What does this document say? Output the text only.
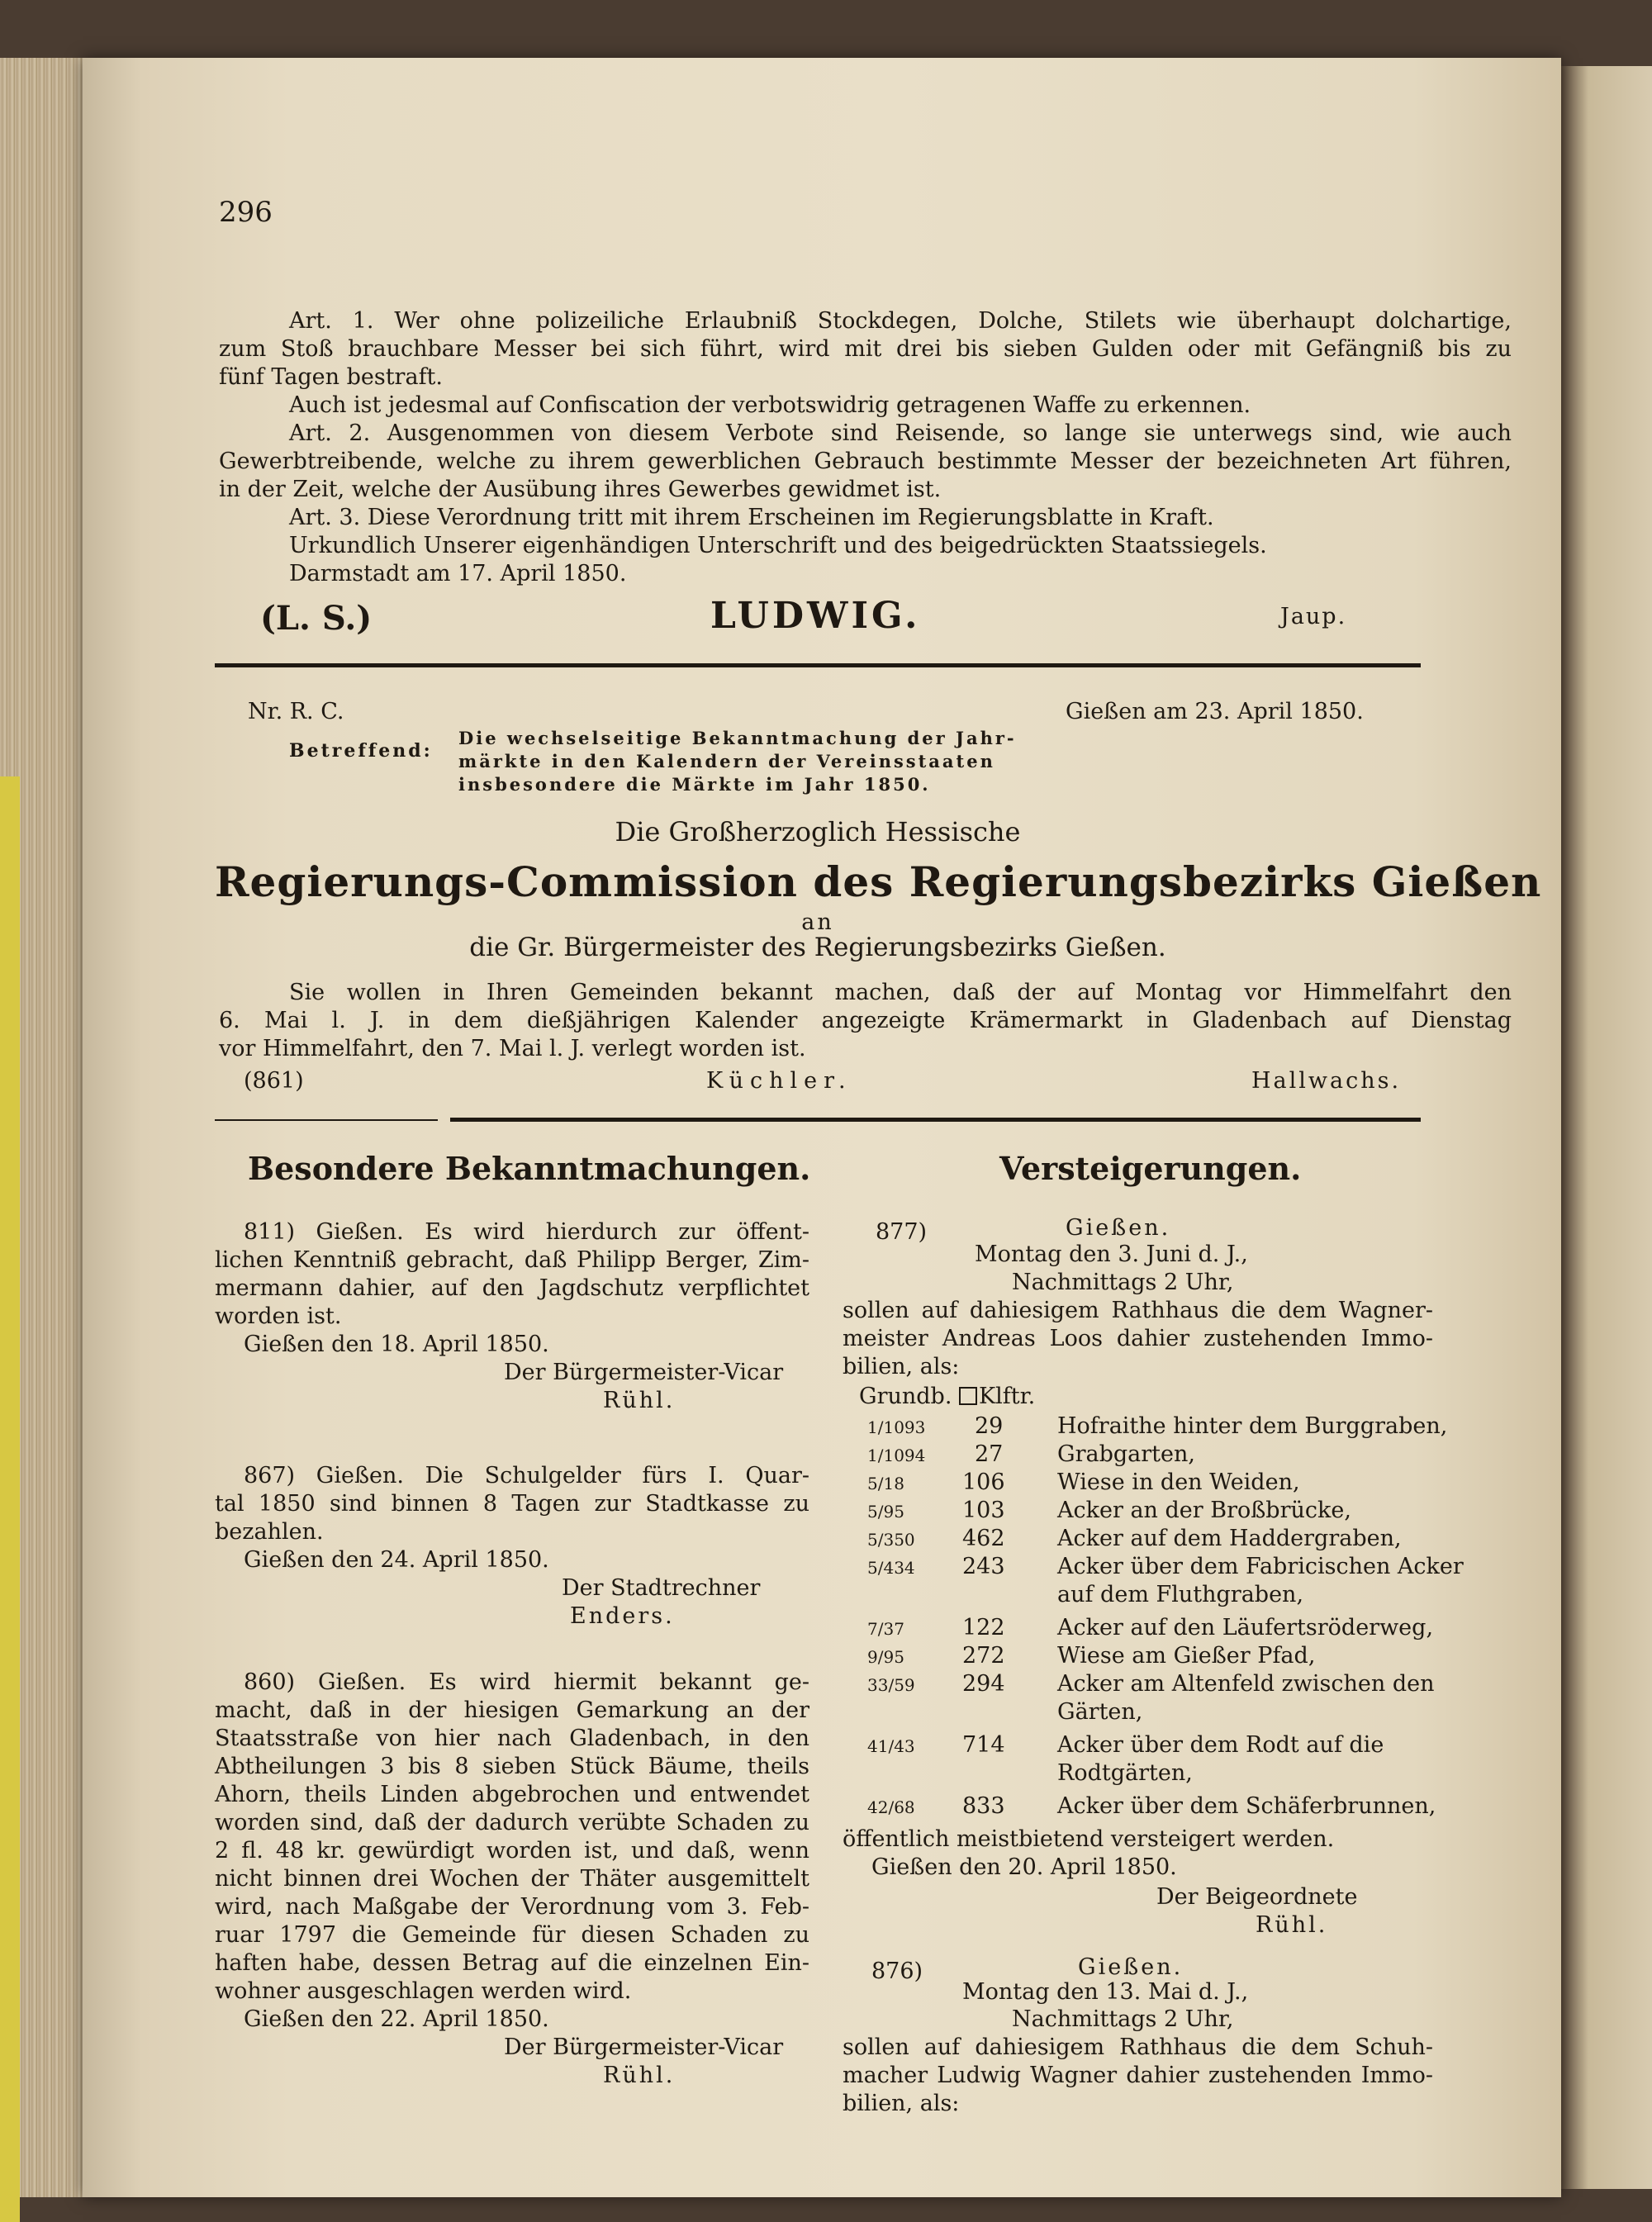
296
Art. 1. Wer ohne polizeiliche Erlaubniß Stockdegen, Dolche, Stilets wie überhaupt dolchartige,
zum Stoß brauchbare Messer bei sich führt, wird mit drei bis sieben Gulden oder mit Gefängniß bis zu
fünf Tagen bestraft.
Auch ist jedesmal auf Confiscation der verbotswidrig getragenen Waffe zu erkennen.
Art. 2. Ausgenommen von diesem Verbote sind Reisende, so lange sie unterwegs sind, wie auch
Gewerbtreibende, welche zu ihrem gewerblichen Gebrauch bestimmte Messer der bezeichneten Art führen,
in der Zeit, welche der Ausübung ihres Gewerbes gewidmet ist.
Art. 3. Diese Verordnung tritt mit ihrem Erscheinen im Regierungsblatte in Kraft.
Urkundlich Unserer eigenhändigen Unterschrift und des beigedrückten Staatssiegels.
Darmstadt am 17. April 1850.
(L. S.)	LUDWIG.	Jaup.
Nr. R. C.	Gießen am 23. April 1850.
Betreffend:
Die wechselseitige Bekanntmachung der Jahr-
märkte in den Kalendern der Vereinsstaaten
insbesondere die Märkte im Jahr 1850.
Die Großherzoglich Hessische
Regierungs-Commission des Regierungsbezirks Gießen
an
die Gr. Bürgermeister des Regierungsbezirks Gießen.
Sie wollen in Ihren Gemeinden bekannt machen, daß der auf Montag vor Himmelfahrt den
6. Mai l. J. in dem dießjährigen Kalender angezeigte Krämermarkt in Gladenbach auf Dienstag
vor Himmelfahrt, den 7. Mai l. J. verlegt worden ist.
(861)	Küchler.	Hallwachs.
Besondere Bekanntmachungen.
811) Gießen. Es wird hierdurch zur öffent-
lichen Kenntniß gebracht, daß Philipp Berger, Zim-
mermann dahier, auf den Jagdschutz verpflichtet
worden ist.
Gießen den 18. April 1850.
Der Bürgermeister-Vicar
Rühl.
867) Gießen. Die Schulgelder fürs I. Quar-
tal 1850 sind binnen 8 Tagen zur Stadtkasse zu
bezahlen.
Gießen den 24. April 1850.
Der Stadtrechner
Enders.
860) Gießen. Es wird hiermit bekannt ge-
macht, daß in der hiesigen Gemarkung an der
Staatsstraße von hier nach Gladenbach, in den
Abtheilungen 3 bis 8 sieben Stück Bäume, theils
Ahorn, theils Linden abgebrochen und entwendet
worden sind, daß der dadurch verübte Schaden zu
2 fl. 48 kr. gewürdigt worden ist, und daß, wenn
nicht binnen drei Wochen der Thäter ausgemittelt
wird, nach Maßgabe der Verordnung vom 3. Feb-
ruar 1797 die Gemeinde für diesen Schaden zu
haften habe, dessen Betrag auf die einzelnen Ein-
wohner ausgeschlagen werden wird.
Gießen den 22. April 1850.
Der Bürgermeister-Vicar
Rühl.
Versteigerungen.
877)	Gießen.
Montag den 3. Juni d. J.,
Nachmittags 2 Uhr,
sollen auf dahiesigem Rathhaus die dem Wagner-
meister Andreas Loos dahier zustehenden Immo-
bilien, als:
Grundb. Klftr.
1/1093 29 Hofraithe hinter dem Burggraben,
1/1094 27 Grabgarten,
5/18	106 Wiese in den Weiden,
5/95	103 Acker an der Broßbrücke,
5/350 462 Acker auf dem Haddergraben,
5/434 243 Acker über dem Fabricischen Acker
auf dem Fluthgraben,
7/37	122 Acker auf den Läufertsröderweg,
9/95	272 Wiese am Gießer Pfad,
33/59 294 Acker am Altenfeld zwischen den
Gärten,
41/43 714 Acker über dem Rodt auf die
Rodtgärten,
42/68 833 Acker über dem Schäferbrunnen,
öffentlich meistbietend versteigert werden.
Gießen den 20. April 1850.
Der Beigeordnete
Rühl.
876)	Gießen.
Montag den 13. Mai d. J.,
Nachmittags 2 Uhr,
sollen auf dahiesigem Rathhaus die dem Schuh-
macher Ludwig Wagner dahier zustehenden Immo-
bilien, als:
